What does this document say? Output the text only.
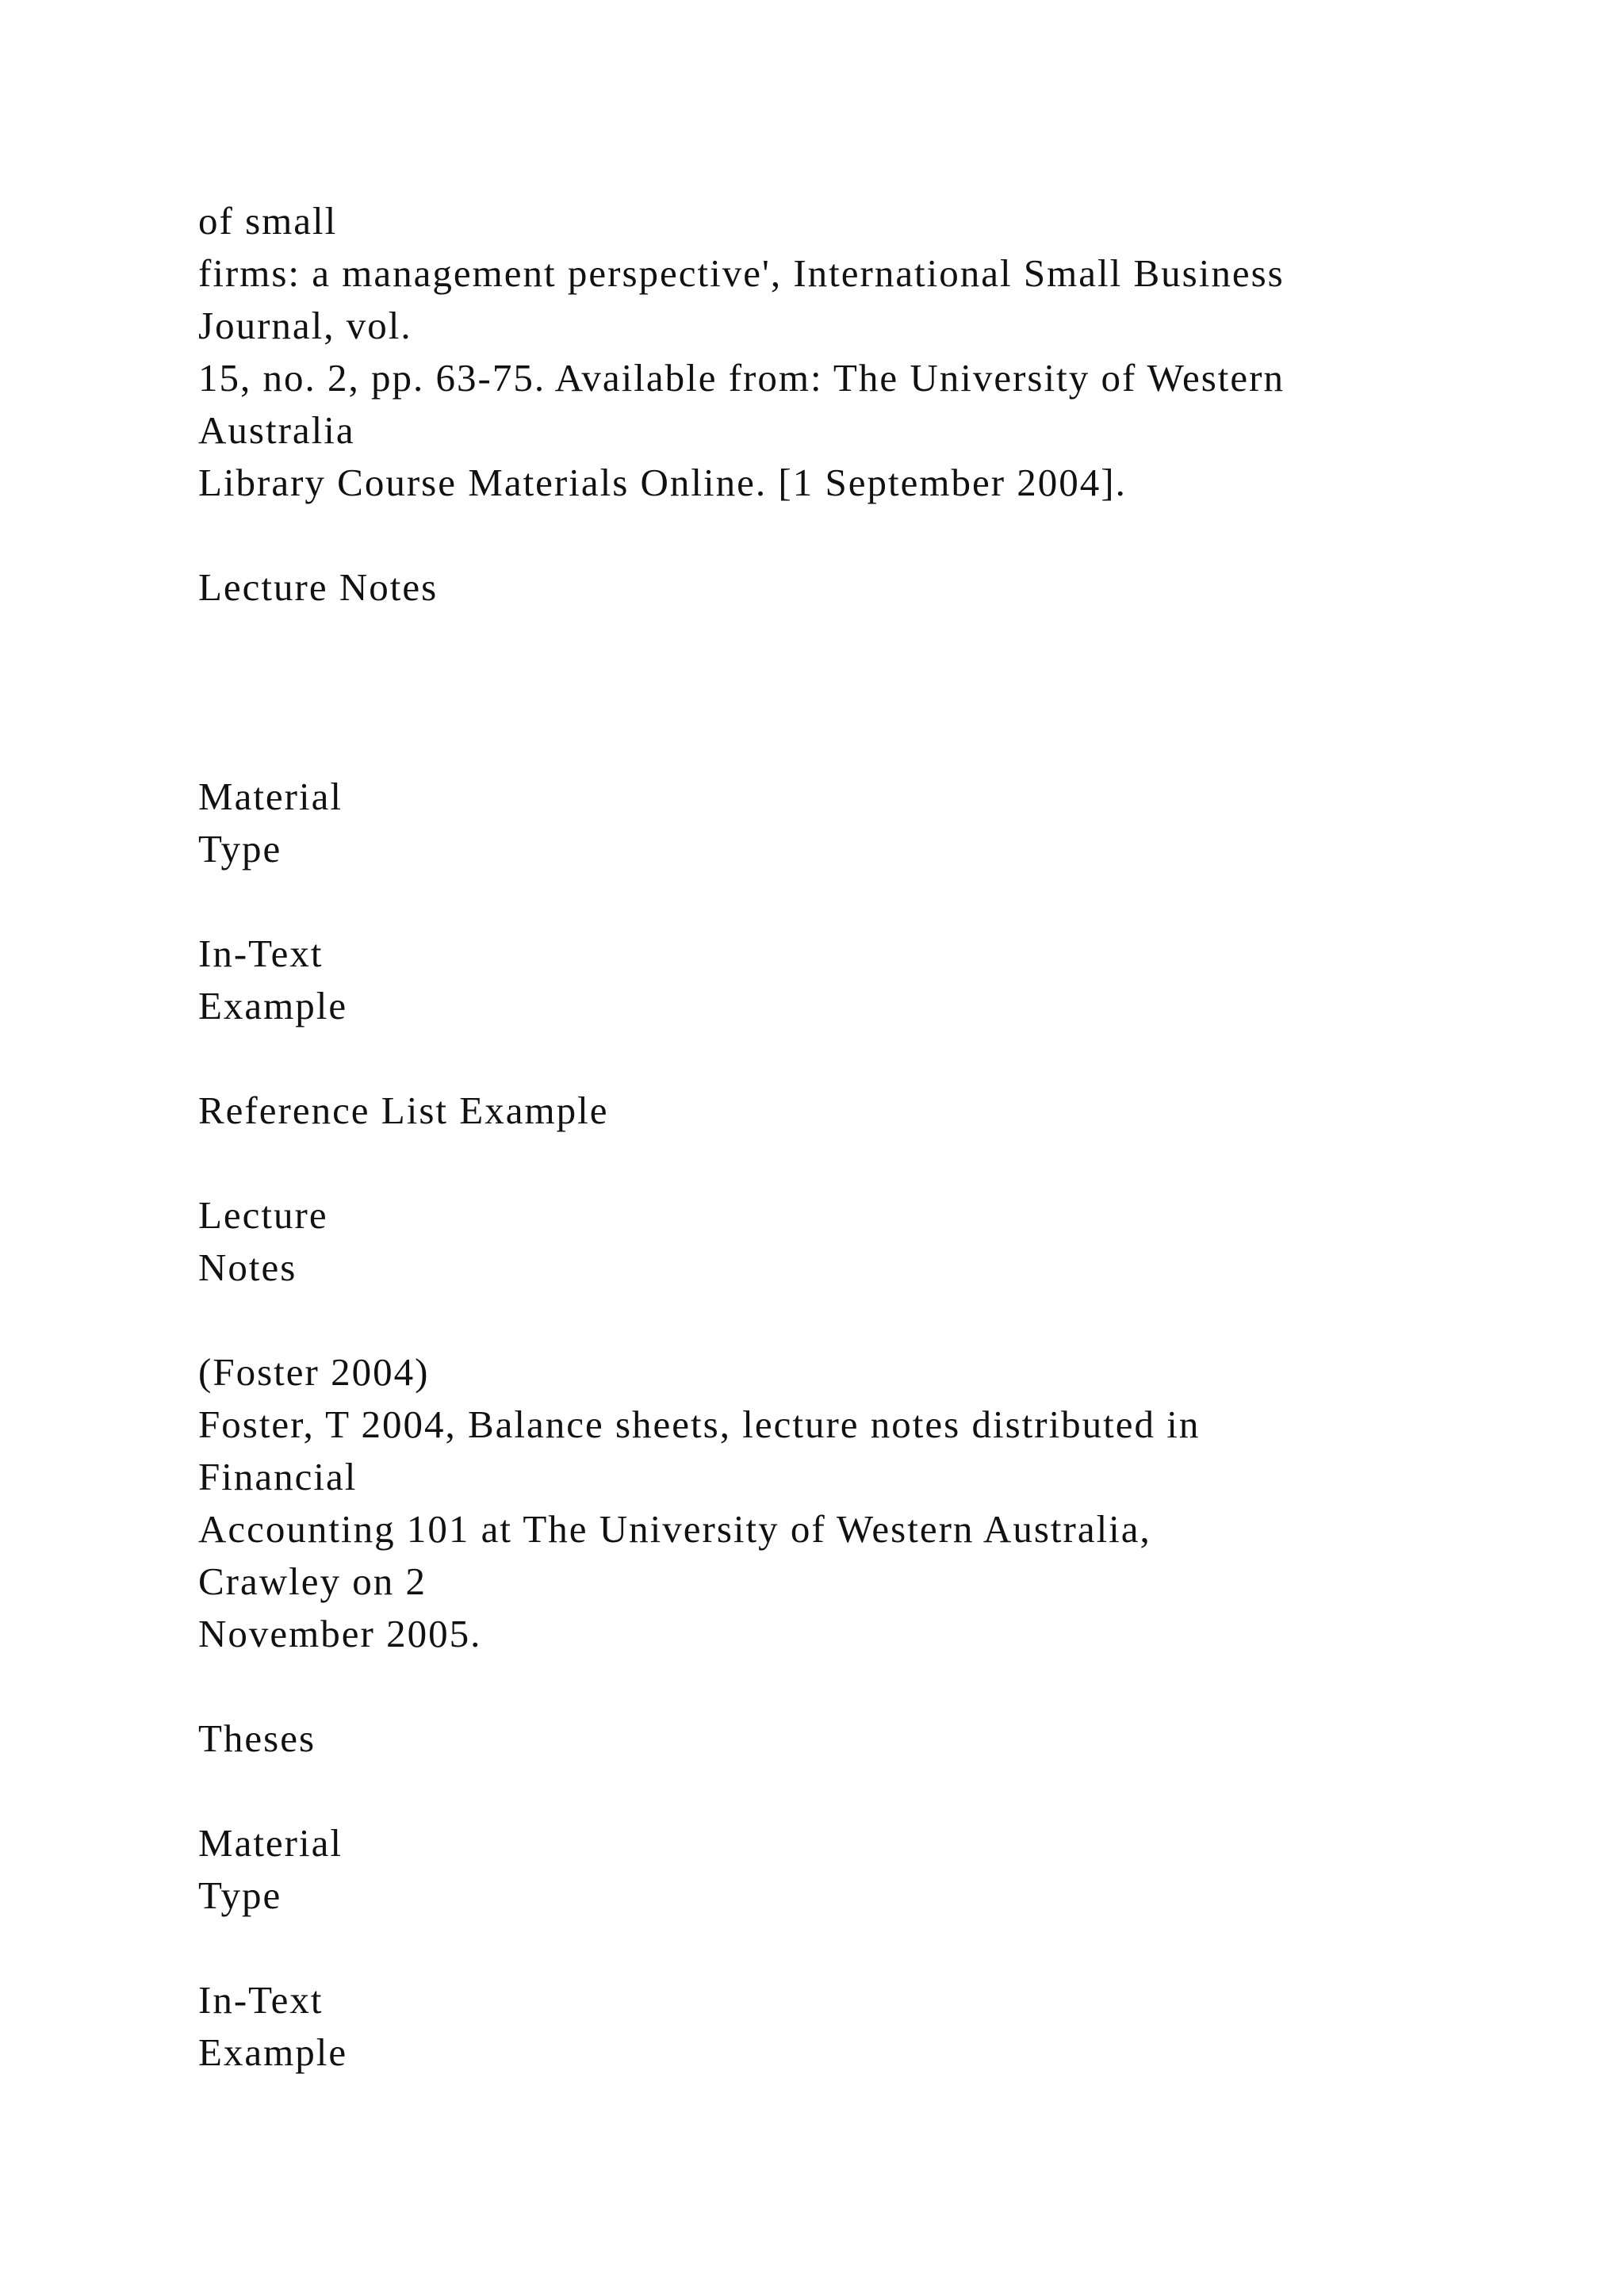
of small
firms: a management perspective', International Small Business
Journal, vol.
15, no. 2, pp. 63-75. Available from: The University of Western
Australia
Library Course Materials Online. [1 September 2004].
Lecture Notes
Material
Type
In-Text
Example
Reference List Example
Lecture
Notes
(Foster 2004)
Foster, T 2004, Balance sheets, lecture notes distributed in
Financial
Accounting 101 at The University of Western Australia,
Crawley on 2
November 2005.
Theses
Material
Type
In-Text
Example
